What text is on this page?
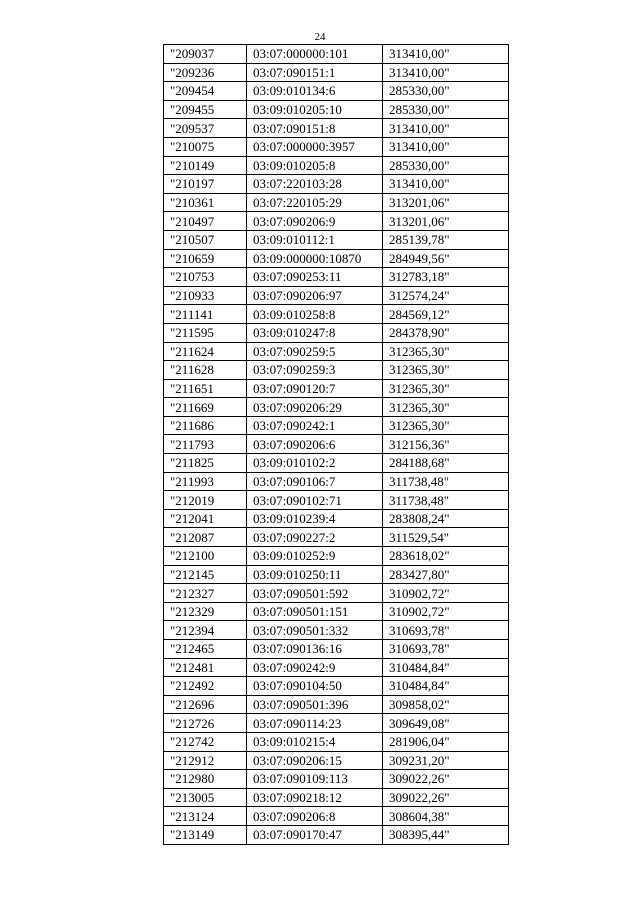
24
"209037	03:07:000000:101	313410,00"
"209236	03:07:090151:1	313410,00"
"209454	03:09:010134:6	285330,00"
"209455	03:09:010205:10	285330,00"
"209537	03:07:090151:8	313410,00"
"210075	03:07:000000:3957	313410,00"
"210149	03:09:010205:8	285330,00"
"210197	03:07:220103:28	313410,00"
"210361	03:07:220105:29	313201,06"
"210497	03:07:090206:9	313201,06"
"210507	03:09:010112:1	285139,78"
"210659	03:09:000000:10870	284949,56"
"210753	03:07:090253:11	312783,18"
"210933	03:07:090206:97	312574,24"
"211141	03:09:010258:8	284569,12"
"211595	03:09:010247:8	284378,90"
"211624	03:07:090259:5	312365,30"
"211628	03:07:090259:3	312365,30"
"211651	03:07:090120:7	312365,30"
"211669	03:07:090206:29	312365,30"
"211686	03:07:090242:1	312365,30"
"211793	03:07:090206:6	312156,36"
"211825	03:09:010102:2	284188,68"
"211993	03:07:090106:7	311738,48"
"212019	03:07:090102:71	311738,48"
"212041	03:09:010239:4	283808,24"
"212087	03:07:090227:2	311529,54"
"212100	03:09:010252:9	283618,02"
"212145	03:09:010250:11	283427,80"
"212327	03:07:090501:592	310902,72"
"212329	03:07:090501:151	310902,72"
"212394	03:07:090501:332	310693,78"
"212465	03:07:090136:16	310693,78"
"212481	03:07:090242:9	310484,84"
"212492	03:07:090104:50	310484,84"
"212696	03:07:090501:396	309858,02"
"212726	03:07:090114:23	309649,08"
"212742	03:09:010215:4	281906,04"
"212912	03:07:090206:15	309231,20"
"212980	03:07:090109:113	309022,26"
"213005	03:07:090218:12	309022,26"
"213124	03:07:090206:8	308604,38"
"213149	03:07:090170:47	308395,44"
